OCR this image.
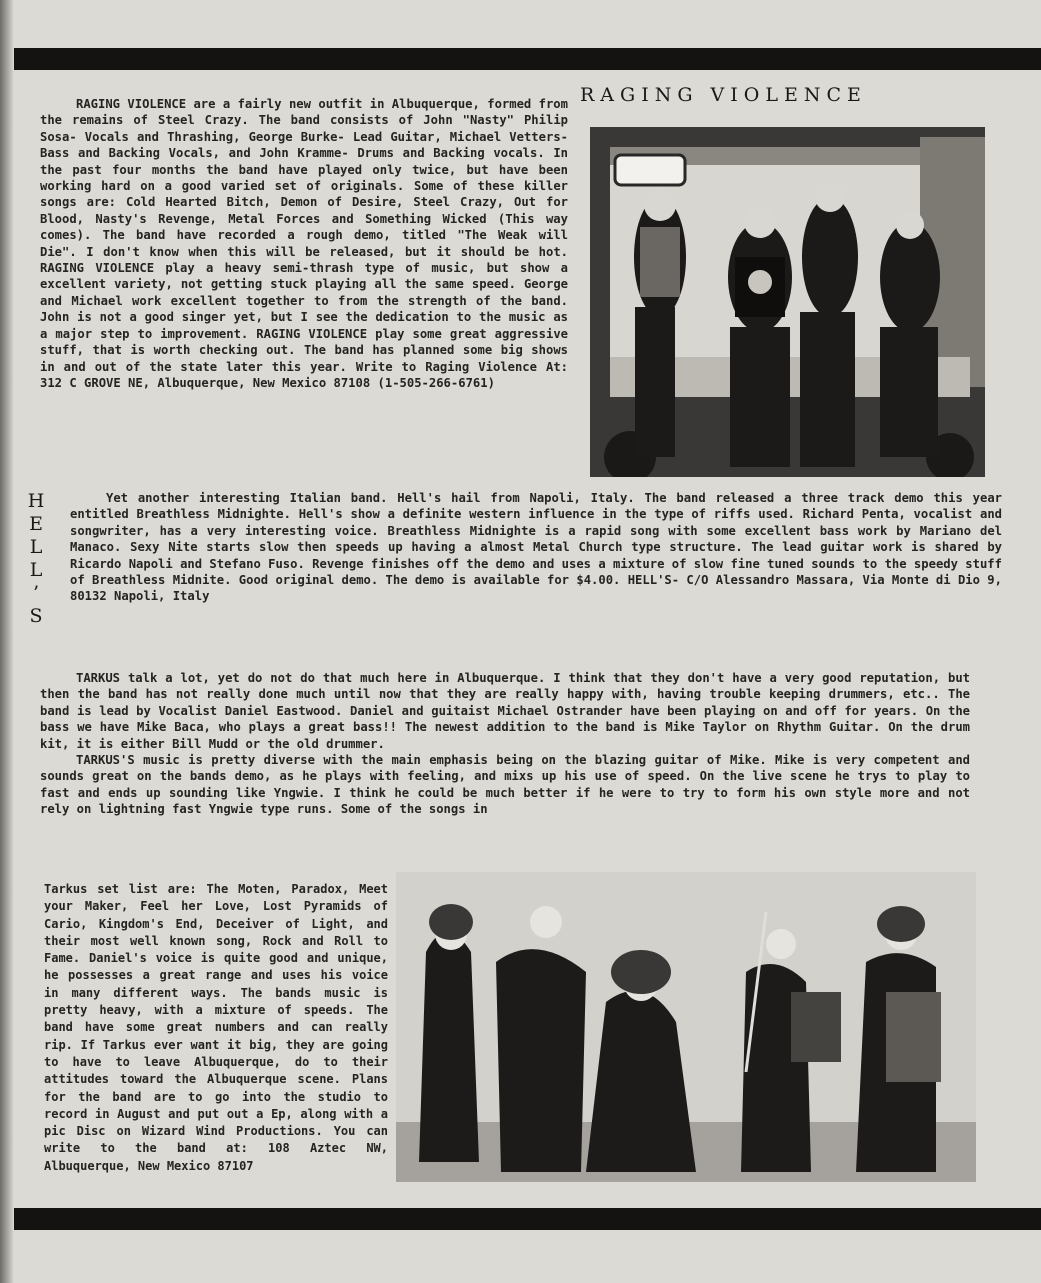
RAGING VIOLENCE

RAGING VIOLENCE are a fairly new outfit in Albuquerque, formed from the remains of Steel Crazy. The band consists of John "Nasty" Philip Sosa- Vocals and Thrashing, George Burke- Lead Guitar, Michael Vetters- Bass and Backing Vocals, and John Kramme- Drums and Backing vocals. In the past four months the band have played only twice, but have been working hard on a good varied set of originals. Some of these killer songs are: Cold Hearted Bitch, Demon of Desire, Steel Crazy, Out for Blood, Nasty's Revenge, Metal Forces and Something Wicked (This way comes). The band have recorded a rough demo, titled "The Weak will Die". I don't know when this will be released, but it should be hot. RAGING VIOLENCE play a heavy semi-thrash type of music, but show a excellent variety, not getting stuck playing all the same speed. George and Michael work excellent together to from the strength of the band. John is not a good singer yet, but I see the dedication to the music as a major step to improvement. RAGING VIOLENCE play some great aggressive stuff, that is worth checking out. The band has planned some big shows in and out of the state later this year. Write to Raging Violence At: 312 C GROVE NE, Albuquerque, New Mexico 87108 (1-505-266-6761)

H
E
L
L
’
S

Yet another interesting Italian band. Hell's hail from Napoli, Italy. The band released a three track demo this year entitled Breathless Midnighte. Hell's show a definite western influence in the type of riffs used. Richard Penta, vocalist and songwriter, has a very interesting voice. Breathless Midnighte is a rapid song with some excellent bass work by Mariano del Manaco. Sexy Nite starts slow then speeds up having a almost Metal Church type structure. The lead guitar work is shared by Ricardo Napoli and Stefano Fuso. Revenge finishes off the demo and uses a mixture of slow fine tuned sounds to the speedy stuff of Breathless Midnite. Good original demo. The demo is available for $4.00. HELL'S- C/O Alessandro Massara, Via Monte di Dio 9, 80132 Napoli, Italy

TARKUS talk a lot, yet do not do that much here in Albuquerque. I think that they don't have a very good reputation, but then the band has not really done much until now that they are really happy with, having trouble keeping drummers, etc.. The band is lead by Vocalist Daniel Eastwood. Daniel and guitaist Michael Ostrander have been playing on and off for years. On the bass we have Mike Baca, who plays a great bass!! The newest addition to the band is Mike Taylor on Rhythm Guitar. On the drum kit, it is either Bill Mudd or the old drummer.

TARKUS'S music is pretty diverse with the main emphasis being on the blazing guitar of Mike. Mike is very competent and sounds great on the bands demo, as he plays with feeling, and mixs up his use of speed. On the live scene he trys to play to fast and ends up sounding like Yngwie. I think he could be much better if he were to try to form his own style more and not rely on lightning fast Yngwie type runs. Some of the songs in

Tarkus set list are: The Moten, Paradox, Meet your Maker, Feel her Love, Lost Pyramids of Cario, Kingdom's End, Deceiver of Light, and their most well known song, Rock and Roll to Fame. Daniel's voice is quite good and unique, he possesses a great range and uses his voice in many different ways. The bands music is pretty heavy, with a mixture of speeds. The band have some great numbers and can really rip. If Tarkus ever want it big, they are going to have to leave Albuquerque, do to their attitudes toward the Albuquerque scene. Plans for the band are to go into the studio to record in August and put out a Ep, along with a pic Disc on Wizard Wind Productions. You can write to the band at: 108 Aztec NW, Albuquerque, New Mexico 87107
